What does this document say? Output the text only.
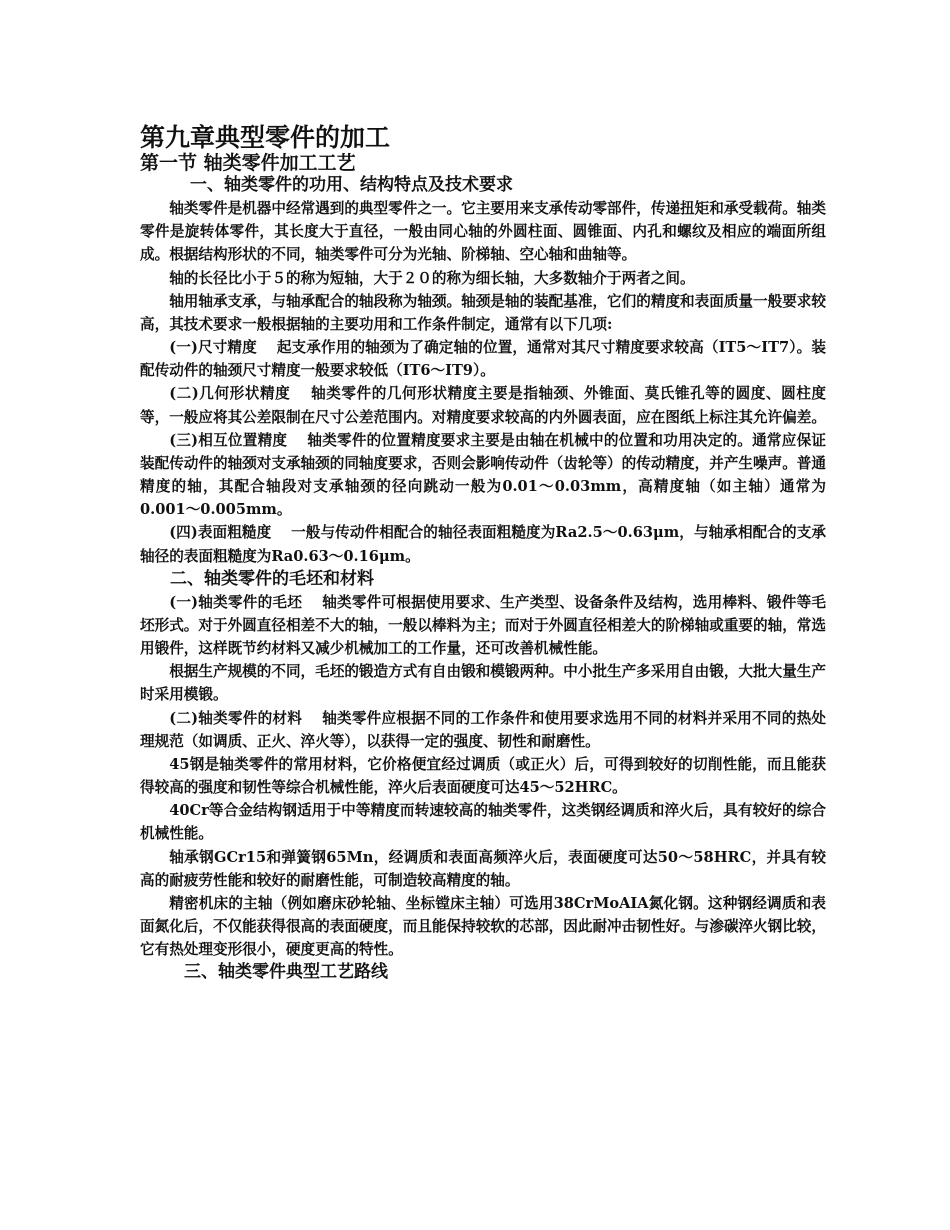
第九章典型零件的加工
第一节 轴类零件加工工艺
一、轴类零件的功用、结构特点及技术要求

轴类零件是机器中经常遇到的典型零件之一。它主要用来支承传动零部件，传递扭矩和承受载荷。轴类零件是旋转体零件，其长度大于直径，一般由同心轴的外圆柱面、圆锥面、内孔和螺纹及相应的端面所组成。根据结构形状的不同，轴类零件可分为光轴、阶梯轴、空心轴和曲轴等。

轴的长径比小于５的称为短轴，大于２０的称为细长轴，大多数轴介于两者之间。

轴用轴承支承，与轴承配合的轴段称为轴颈。轴颈是轴的装配基准，它们的精度和表面质量一般要求较高，其技术要求一般根据轴的主要功用和工作条件制定，通常有以下几项:

(一)尺寸精度　 起支承作用的轴颈为了确定轴的位置，通常对其尺寸精度要求较高（IT5～IT7）。装配传动件的轴颈尺寸精度一般要求较低（IT6～IT9）。

(二)几何形状精度　 轴类零件的几何形状精度主要是指轴颈、外锥面、莫氏锥孔等的圆度、圆柱度等，一般应将其公差限制在尺寸公差范围内。对精度要求较高的内外圆表面，应在图纸上标注其允许偏差。

(三)相互位置精度　 轴类零件的位置精度要求主要是由轴在机械中的位置和功用决定的。通常应保证装配传动件的轴颈对支承轴颈的同轴度要求，否则会影响传动件（齿轮等）的传动精度，并产生噪声。普通精度的轴，其配合轴段对支承轴颈的径向跳动一般为0.01～0.03mm，高精度轴（如主轴）通常为0.001～0.005mm。

(四)表面粗糙度　 一般与传动件相配合的轴径表面粗糙度为Ra2.5～0.63μm，与轴承相配合的支承轴径的表面粗糙度为Ra0.63～0.16μm。

二、轴类零件的毛坯和材料

(一)轴类零件的毛坯　 轴类零件可根据使用要求、生产类型、设备条件及结构，选用棒料、锻件等毛坯形式。对于外圆直径相差不大的轴，一般以棒料为主；而对于外圆直径相差大的阶梯轴或重要的轴，常选用锻件，这样既节约材料又减少机械加工的工作量，还可改善机械性能。

根据生产规模的不同，毛坯的锻造方式有自由锻和模锻两种。中小批生产多采用自由锻，大批大量生产时采用模锻。

(二)轴类零件的材料　 轴类零件应根据不同的工作条件和使用要求选用不同的材料并采用不同的热处理规范（如调质、正火、淬火等），以获得一定的强度、韧性和耐磨性。

45钢是轴类零件的常用材料，它价格便宜经过调质（或正火）后，可得到较好的切削性能，而且能获得较高的强度和韧性等综合机械性能，淬火后表面硬度可达45～52HRC。

40Cr等合金结构钢适用于中等精度而转速较高的轴类零件，这类钢经调质和淬火后，具有较好的综合机械性能。

轴承钢GCr15和弹簧钢65Mn，经调质和表面高频淬火后，表面硬度可达50～58HRC，并具有较高的耐疲劳性能和较好的耐磨性能，可制造较高精度的轴。

精密机床的主轴（例如磨床砂轮轴、坐标镗床主轴）可选用38CrMoAIA氮化钢。这种钢经调质和表面氮化后，不仅能获得很高的表面硬度，而且能保持较软的芯部，因此耐冲击韧性好。与渗碳淬火钢比较，它有热处理变形很小，硬度更高的特性。

三、轴类零件典型工艺路线
